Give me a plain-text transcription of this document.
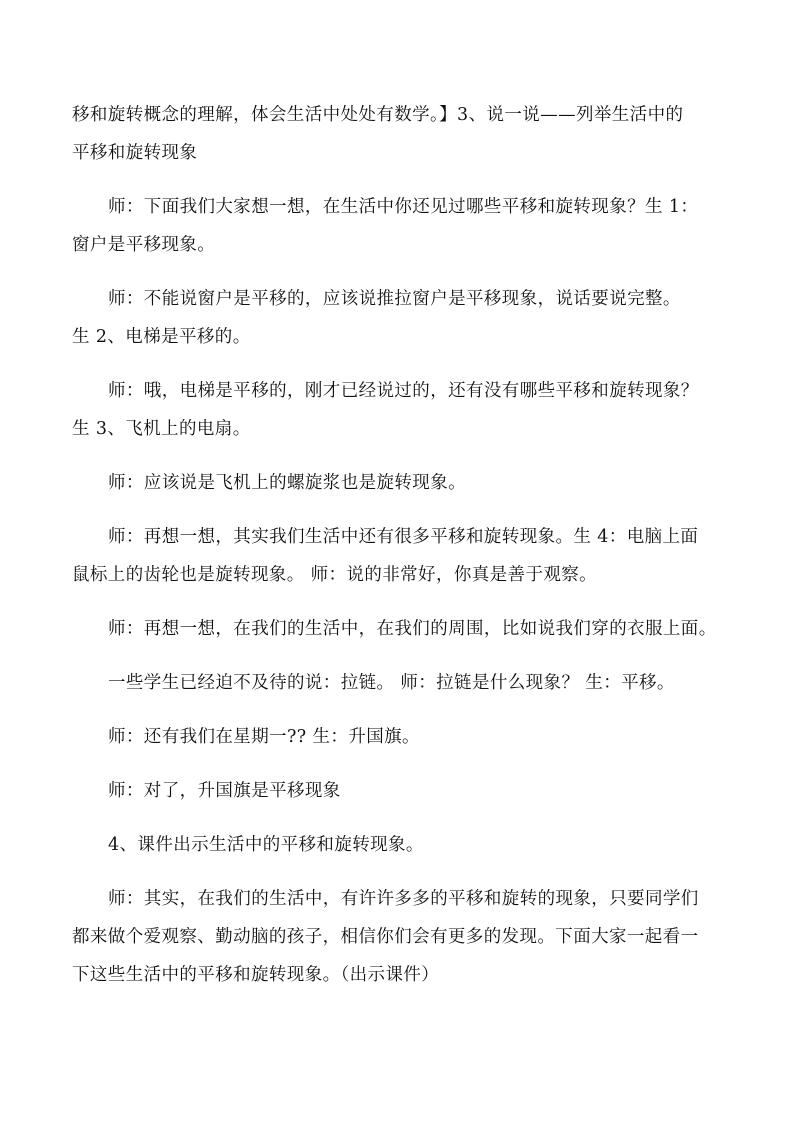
移和旋转概念的理解，体会生活中处处有数学。】3、说一说——列举生活中的
平移和旋转现象

师：下面我们大家想一想，在生活中你还见过哪些平移和旋转现象？生 1：
窗户是平移现象。

师：不能说窗户是平移的，应该说推拉窗户是平移现象，说话要说完整。
生 2、电梯是平移的。

师：哦，电梯是平移的，刚才已经说过的，还有没有哪些平移和旋转现象？
生 3、飞机上的电扇。

师：应该说是飞机上的螺旋浆也是旋转现象。

师：再想一想，其实我们生活中还有很多平移和旋转现象。生 4：电脑上面
鼠标上的齿轮也是旋转现象。 师：说的非常好，你真是善于观察。

师：再想一想，在我们的生活中，在我们的周围，比如说我们穿的衣服上面。

一些学生已经迫不及待的说：拉链。 师：拉链是什么现象？ 生：平移。

师：还有我们在星期一?? 生：升国旗。

师：对了，升国旗是平移现象

4、课件出示生活中的平移和旋转现象。

师：其实，在我们的生活中，有许许多多的平移和旋转的现象，只要同学们
都来做个爱观察、勤动脑的孩子，相信你们会有更多的发现。下面大家一起看一
下这些生活中的平移和旋转现象。（出示课件）
